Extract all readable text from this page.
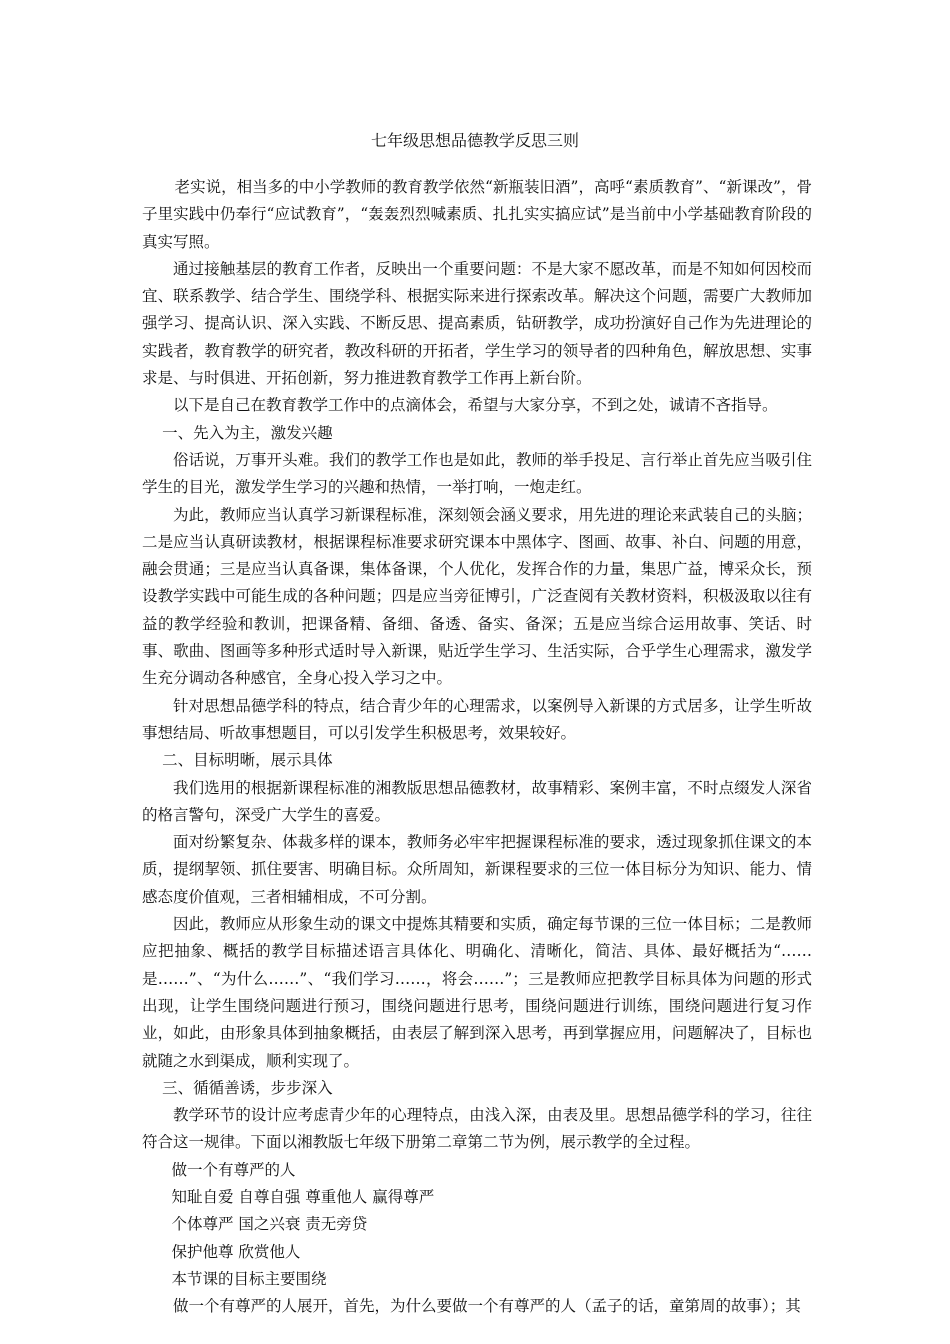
七年级思想品德教学反思三则

老实说，相当多的中小学教师的教育教学依然“新瓶装旧酒”，高呼“素质教育”、“新课改”，骨子里实践中仍奉行“应试教育”，“轰轰烈烈喊素质、扎扎实实搞应试”是当前中小学基础教育阶段的真实写照。

通过接触基层的教育工作者，反映出一个重要问题：不是大家不愿改革，而是不知如何因校而宜、联系教学、结合学生、围绕学科、根据实际来进行探索改革。解决这个问题，需要广大教师加强学习、提高认识、深入实践、不断反思、提高素质，钻研教学，成功扮演好自己作为先进理论的实践者，教育教学的研究者，教改科研的开拓者，学生学习的领导者的四种角色，解放思想、实事求是、与时俱进、开拓创新，努力推进教育教学工作再上新台阶。

以下是自己在教育教学工作中的点滴体会，希望与大家分享，不到之处，诚请不吝指导。

一、先入为主，激发兴趣

俗话说，万事开头难。我们的教学工作也是如此，教师的举手投足、言行举止首先应当吸引住学生的目光，激发学生学习的兴趣和热情，一举打响，一炮走红。

为此，教师应当认真学习新课程标准，深刻领会涵义要求，用先进的理论来武装自己的头脑；二是应当认真研读教材，根据课程标准要求研究课本中黑体字、图画、故事、补白、问题的用意，融会贯通；三是应当认真备课，集体备课，个人优化，发挥合作的力量，集思广益，博采众长，预设教学实践中可能生成的各种问题；四是应当旁征博引，广泛查阅有关教材资料，积极汲取以往有益的教学经验和教训，把课备精、备细、备透、备实、备深；五是应当综合运用故事、笑话、时事、歌曲、图画等多种形式适时导入新课，贴近学生学习、生活实际，合乎学生心理需求，激发学生充分调动各种感官，全身心投入学习之中。

针对思想品德学科的特点，结合青少年的心理需求，以案例导入新课的方式居多，让学生听故事想结局、听故事想题目，可以引发学生积极思考，效果较好。

二、目标明晰，展示具体

我们选用的根据新课程标准的湘教版思想品德教材，故事精彩、案例丰富，不时点缀发人深省的格言警句，深受广大学生的喜爱。

面对纷繁复杂、体裁多样的课本，教师务必牢牢把握课程标准的要求，透过现象抓住课文的本质，提纲挈领、抓住要害、明确目标。众所周知，新课程要求的三位一体目标分为知识、能力、情感态度价值观，三者相辅相成，不可分割。

因此，教师应从形象生动的课文中提炼其精要和实质，确定每节课的三位一体目标；二是教师应把抽象、概括的教学目标描述语言具体化、明确化、清晰化，简洁、具体、最好概括为“……是……”、“为什么……”、“我们学习……，将会……”；三是教师应把教学目标具体为问题的形式出现，让学生围绕问题进行预习，围绕问题进行思考，围绕问题进行训练，围绕问题进行复习作业，如此，由形象具体到抽象概括，由表层了解到深入思考，再到掌握应用，问题解决了，目标也就随之水到渠成，顺利实现了。

三、循循善诱，步步深入

教学环节的设计应考虑青少年的心理特点，由浅入深，由表及里。思想品德学科的学习，往往符合这一规律。下面以湘教版七年级下册第二章第二节为例，展示教学的全过程。

做一个有尊严的人

知耻自爱 自尊自强 尊重他人 赢得尊严

个体尊严 国之兴衰 责无旁贷

保护他尊 欣赏他人

本节课的目标主要围绕

做一个有尊严的人展开，首先，为什么要做一个有尊严的人（孟子的话，童第周的故事）；其
